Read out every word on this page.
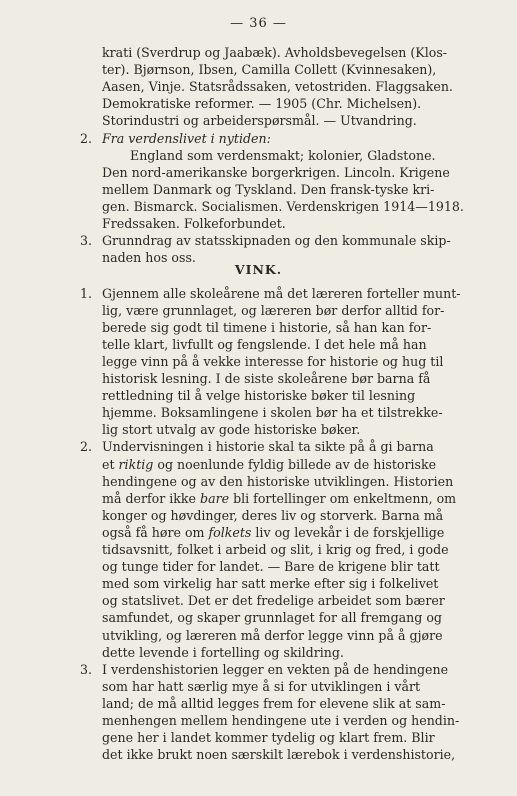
— 36 —
krati (Sverdrup og Jaabæk). Avholdsbevegelsen (Klos-
ter). Bjørnson, Ibsen, Camilla Collett (Kvinnesaken),
Aasen, Vinje. Statsrådssaken, vetostriden. Flaggsaken.
Demokratiske reformer. — 1905 (Chr. Michelsen).
Storindustri og arbeiderspørsmål. — Utvandring.
2. Fra verdenslivet i nytiden:
England som verdensmakt; kolonier, Gladstone.
Den nord-amerikanske borgerkrigen. Lincoln. Krigene
mellem Danmark og Tyskland. Den fransk-tyske kri-
gen. Bismarck. Socialismen. Verdenskrigen 1914—1918.
Fredssaken. Folkeforbundet.
3. Grunndrag av statsskipnaden og den kommunale skip-
naden hos oss.
VINK.
1. Gjennem alle skoleårene må det læreren forteller munt-
lig, være grunnlaget, og læreren bør derfor alltid for-
berede sig godt til timene i historie, så han kan for-
telle klart, livfullt og fengslende. I det hele må han
legge vinn på å vekke interesse for historie og hug til
historisk lesning. I de siste skoleårene bør barna få
rettledning til å velge historiske bøker til lesning
hjemme. Boksamlingene i skolen bør ha et tilstrekke-
lig stort utvalg av gode historiske bøker.
2. Undervisningen i historie skal ta sikte på å gi barna
et riktig og noenlunde fyldig billede av de historiske
hendingene og av den historiske utviklingen. Historien
må derfor ikke bare bli fortellinger om enkeltmenn, om
konger og høvdinger, deres liv og storverk. Barna må
også få høre om folkets liv og levekår i de forskjellige
tidsavsnitt, folket i arbeid og slit, i krig og fred, i gode
og tunge tider for landet. — Bare de krigene blir tatt
med som virkelig har satt merke efter sig i folkelivet
og statslivet. Det er det fredelige arbeidet som bærer
samfundet, og skaper grunnlaget for all fremgang og
utvikling, og læreren må derfor legge vinn på å gjøre
dette levende i fortelling og skildring.
3. I verdenshistorien legger en vekten på de hendingene
som har hatt særlig mye å si for utviklingen i vårt
land; de må alltid legges frem for elevene slik at sam-
menhengen mellem hendingene ute i verden og hendin-
gene her i landet kommer tydelig og klart frem. Blir
det ikke brukt noen særskilt lærebok i verdenshistorie,
